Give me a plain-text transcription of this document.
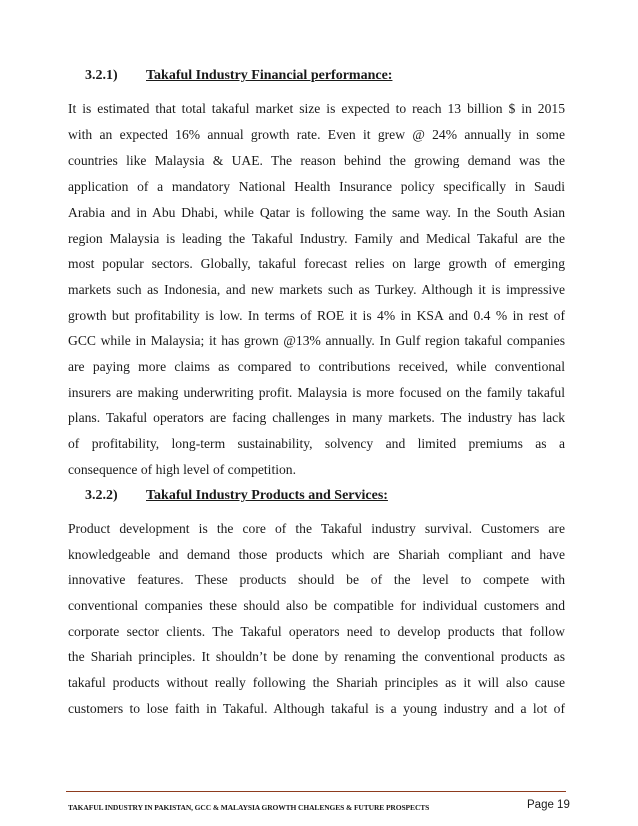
3.2.1) Takaful Industry Financial performance:
It is estimated that total takaful market size is expected to reach 13 billion $ in 2015
with an expected 16% annual growth rate. Even it grew @ 24% annually in some
countries like Malaysia & UAE. The reason behind the growing demand was the
application of a mandatory National Health Insurance policy specifically in Saudi
Arabia and in Abu Dhabi, while Qatar is following the same way. In the South Asian
region Malaysia is leading the Takaful Industry. Family and Medical Takaful are the
most popular sectors. Globally, takaful forecast relies on large growth of emerging
markets such as Indonesia, and new markets such as Turkey. Although it is impressive
growth but profitability is low. In terms of ROE it is 4% in KSA and 0.4 % in rest of
GCC while in Malaysia; it has grown @13% annually. In Gulf region takaful companies
are paying more claims as compared to contributions received, while conventional
insurers are making underwriting profit. Malaysia is more focused on the family takaful
plans. Takaful operators are facing challenges in many markets. The industry has lack
of profitability, long-term sustainability, solvency and limited premiums as a
consequence of high level of competition.
3.2.2) Takaful Industry Products and Services:
Product development is the core of the Takaful industry survival. Customers are
knowledgeable and demand those products which are Shariah compliant and have
innovative features. These products should be of the level to compete with
conventional companies these should also be compatible for individual customers and
corporate sector clients. The Takaful operators need to develop products that follow
the Shariah principles. It shouldn’t be done by renaming the conventional products as
takaful products without really following the Shariah principles as it will also cause
customers to lose faith in Takaful. Although takaful is a young industry and a lot of
TAKAFUL INDUSTRY IN PAKISTAN, GCC & MALAYSIA GROWTH CHALENGES & FUTURE PROSPECTS	Page 19
